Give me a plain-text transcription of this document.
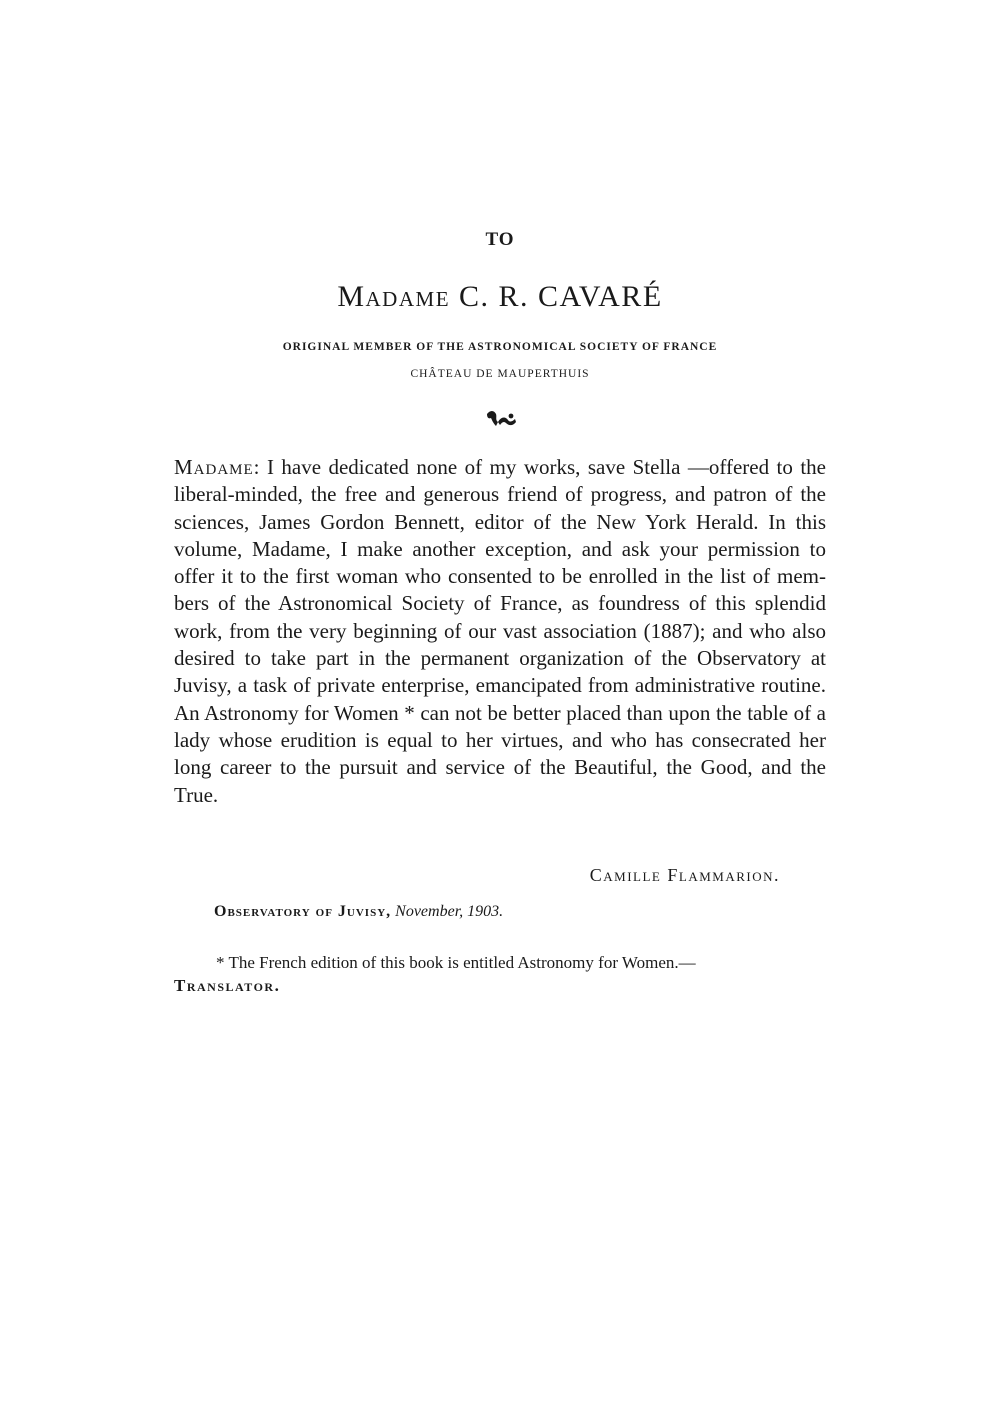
TO
Madame C. R. CAVARÉ
ORIGINAL MEMBER OF THE ASTRONOMICAL SOCIETY OF FRANCE
CHÂTEAU DE MAUPERTHUIS
Madame: I have dedicated none of my works, save Stella —offered to the liberal-minded, the free and generous friend of progress, and patron of the sciences, James Gordon Bennett, editor of the New York Herald. In this volume, Madame, I make another exception, and ask your permission to offer it to the first woman who consented to be enrolled in the list of members of the Astronomical Society of France, as foundress of this splendid work, from the very beginning of our vast association (1887); and who also desired to take part in the permanent organization of the Observatory at Juvisy, a task of private enterprise, emancipated from administrative routine. An Astronomy for Women * can not be better placed than upon the table of a lady whose erudition is equal to her virtues, and who has consecrated her long career to the pursuit and service of the Beautiful, the Good, and the True.
Camille Flammarion.
Observatory of Juvisy, November, 1903.
* The French edition of this book is entitled Astronomy for Women.—
Translator.
